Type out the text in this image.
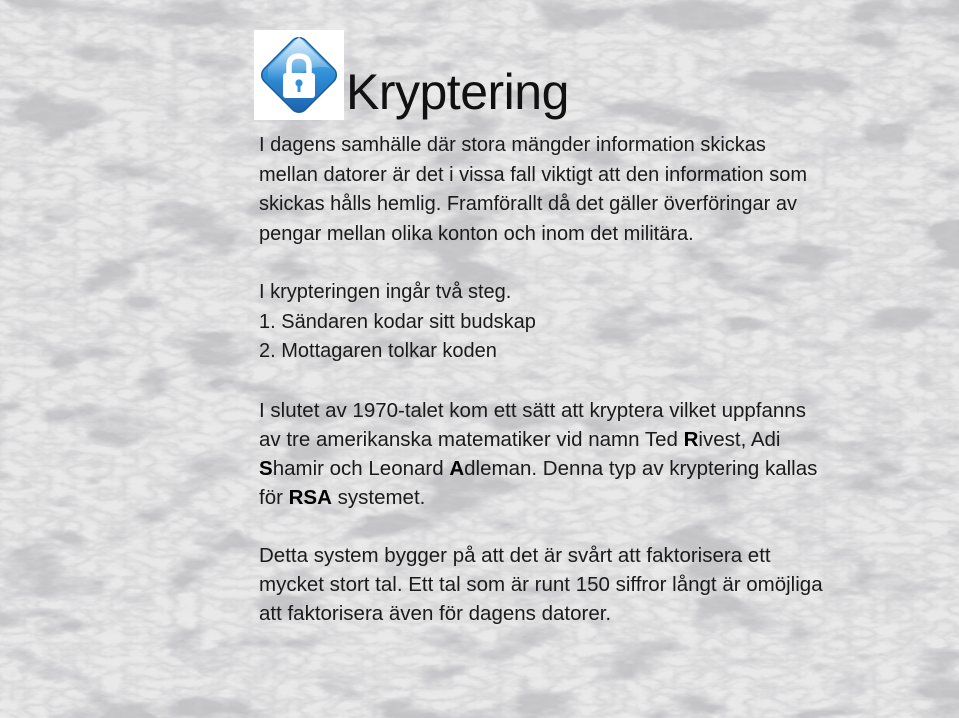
Kryptering
I dagens samhälle där stora mängder information skickas
mellan datorer är det i vissa fall viktigt att den information som
skickas hålls hemlig. Framförallt då det gäller överföringar av
pengar mellan olika konton och inom det militära.
I krypteringen ingår två steg.
1. Sändaren kodar sitt budskap
2. Mottagaren tolkar koden
I slutet av 1970-talet kom ett sätt att kryptera vilket uppfanns
av tre amerikanska matematiker vid namn Ted Rivest, Adi
Shamir och Leonard Adleman. Denna typ av kryptering kallas
för RSA systemet.
Detta system bygger på att det är svårt att faktorisera ett
mycket stort tal. Ett tal som är runt 150 siffror långt är omöjliga
att faktorisera även för dagens datorer.
